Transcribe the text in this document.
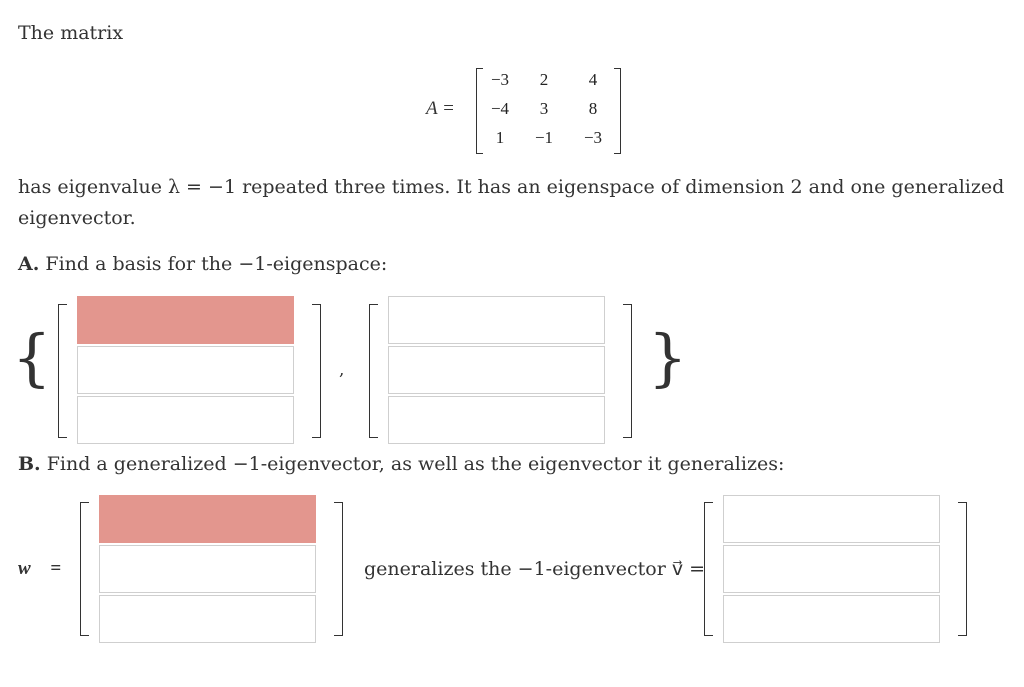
The matrix
A =
−3	2	4
−4	3	8
1	−1	−3
has eigenvalue λ = −1 repeated three times. It has an eigenspace of dimension 2 and one generalized
eigenvector.
A. Find a basis for the −1-eigenspace:
{	,	}
B. Find a generalized −1-eigenvector, as well as the eigenvector it generalizes:
w⃗ =	generalizes the −1-eigenvector v⃗ =
